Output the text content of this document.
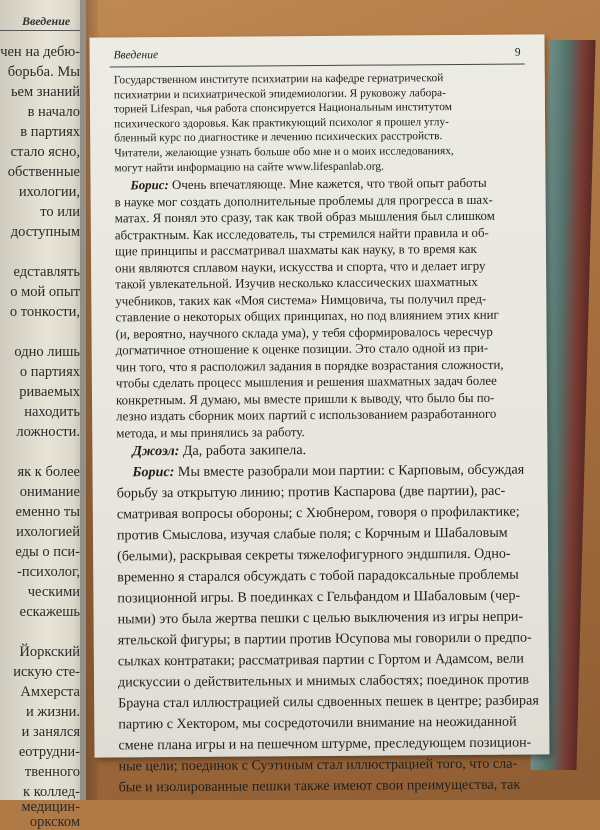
Введение
чен на дебю-
борьба. Мы
ьем знаний
в начало
в партиях
стало ясно,
обственные
ихологии,
то или
доступным
едставлять
о мой опыт
о тонкости,
одно лишь
о партиях
риваемых
находить
ложности.
як к более
онимание
еменно ты
ихологией
еды о пси-
-психолог,
ческими
ескажешь
Йоркский
искую сте-
Амхерста
и жизни.
и занялся
еотрудни-
твенного
к коллед-
медицин-
оркском
Введение	9
Государственном институте психиатрии на кафедре гериатрической
психиатрии и психиатрической эпидемиологии. Я руковожу лабора-
торией Lifespan, чья работа спонсируется Национальным институтом
психического здоровья. Как практикующий психолог я прошел углу-
бленный курс по диагностике и лечению психических расстройств.
Читатели, желающие узнать больше обо мне и о моих исследованиях,
могут найти информацию на сайте www.lifespanlab.org.
Борис: Очень впечатляюще. Мне кажется, что твой опыт работы
в науке мог создать дополнительные проблемы для прогресса в шах-
матах. Я понял это сразу, так как твой образ мышления был слишком
абстрактным. Как исследователь, ты стремился найти правила и об-
щие принципы и рассматривал шахматы как науку, в то время как
они являются сплавом науки, искусства и спорта, что и делает игру
такой увлекательной. Изучив несколько классических шахматных
учебников, таких как «Моя система» Нимцовича, ты получил пред-
ставление о некоторых общих принципах, но под влиянием этих книг
(и, вероятно, научного склада ума), у тебя сформировалось чересчур
догматичное отношение к оценке позиции. Это стало одной из при-
чин того, что я расположил задания в порядке возрастания сложности,
чтобы сделать процесс мышления и решения шахматных задач более
конкретным. Я думаю, мы вместе пришли к выводу, что было бы по-
лезно издать сборник моих партий с использованием разработанного
метода, и мы принялись за работу.
Джоэл: Да, работа закипела.
Борис: Мы вместе разобрали мои партии: с Карповым, обсуждая
борьбу за открытую линию; против Каспарова (две партии), рас-
сматривая вопросы обороны; с Хюбнером, говоря о профилактике;
против Смыслова, изучая слабые поля; с Корчным и Шабаловым
(белыми), раскрывая секреты тяжелофигурного эндшпиля. Одно-
временно я старался обсуждать с тобой парадоксальные проблемы
позиционной игры. В поединках с Гельфандом и Шабаловым (чер-
ными) это была жертва пешки с целью выключения из игры непри-
ятельской фигуры; в партии против Юсупова мы говорили о предпо-
сылках контратаки; рассматривая партии с Гортом и Адамсом, вели
дискуссии о действительных и мнимых слабостях; поединок против
Брауна стал иллюстрацией силы сдвоенных пешек в центре; разбирая
партию с Хектором, мы сосредоточили внимание на неожиданной
смене плана игры и на пешечном штурме, преследующем позицион-
ные цели; поединок с Суэтиным стал иллюстрацией того, что сла-
бые и изолированные пешки также имеют свои преимущества, так
